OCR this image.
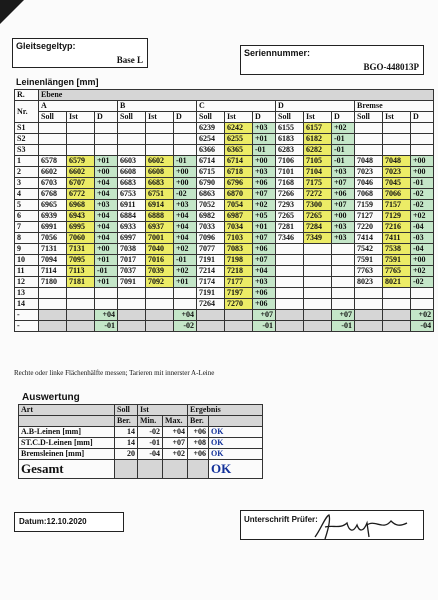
Gleitsegeltyp:
Base L
Seriennummer:
BGO-448013P
Leinenlängen [mm]
R.	Ebene														
Nr.	A			B			C			D			Bremse		
	Soll	Ist	D	Soll	Ist	D	Soll	Ist	D	Soll	Ist	D	Soll	Ist	D
S1							6239	6242	+03	6155	6157	+02			
S2							6254	6255	+01	6183	6182	-01			
S3							6366	6365	-01	6283	6282	-01			
1	6578	6579	+01	6603	6602	-01	6714	6714	+00	7106	7105	-01	7048	7048	+00
2	6602	6602	+00	6608	6608	+00	6715	6718	+03	7101	7104	+03	7023	7023	+00
3	6703	6707	+04	6683	6683	+00	6790	6796	+06	7168	7175	+07	7046	7045	-01
4	6768	6772	+04	6753	6751	-02	6863	6870	+07	7266	7272	+06	7068	7066	-02
5	6965	6968	+03	6911	6914	+03	7052	7054	+02	7293	7300	+07	7159	7157	-02
6	6939	6943	+04	6884	6888	+04	6982	6987	+05	7265	7265	+00	7127	7129	+02
7	6991	6995	+04	6933	6937	+04	7033	7034	+01	7281	7284	+03	7220	7216	-04
8	7056	7060	+04	6997	7001	+04	7096	7103	+07	7346	7349	+03	7414	7411	-03
9	7131	7131	+00	7038	7040	+02	7077	7083	+06				7542	7538	-04
10	7094	7095	+01	7017	7016	-01	7191	7198	+07				7591	7591	+00
11	7114	7113	-01	7037	7039	+02	7214	7218	+04				7763	7765	+02
12	7180	7181	+01	7091	7092	+01	7174	7177	+03				8023	8021	-02
13							7191	7197	+06						
14							7264	7270	+06						
-			+04			+04			+07			+07			+02
-			-01			-02			-01			-01			-04
Rechte oder linke Flächenhälfte messen; Tarieren mit innerster A-Leine
Auswertung
Art	Soll	Ist		Ergebnis	
	Ber.	Min.	Max.	Ber.	
A.B-Leinen [mm]	14	-02	+04	+06	OK
ST.C.D-Leinen [mm]	14	-01	+07	+08	OK
Bremsleinen [mm]	20	-04	+02	+06	OK
Gesamt					OK
Datum:12.10.2020	Unterschrift Prüfer:
